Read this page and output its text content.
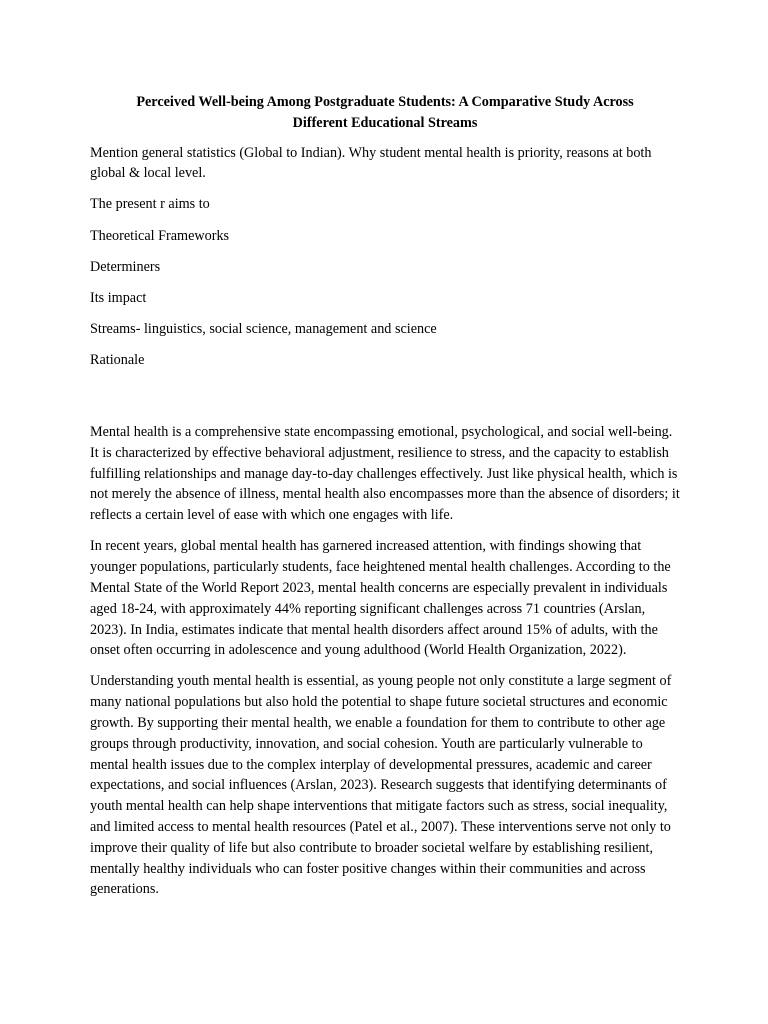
Perceived Well-being Among Postgraduate Students: A Comparative Study Across
Different Educational Streams

Mention general statistics (Global to Indian). Why student mental health is priority, reasons at both global & local level.

The present r aims to

Theoretical Frameworks

Determiners

Its impact

Streams- linguistics, social science, management and science

Rationale

Mental health is a comprehensive state encompassing emotional, psychological, and social well-being. It is characterized by effective behavioral adjustment, resilience to stress, and the capacity to establish fulfilling relationships and manage day-to-day challenges effectively. Just like physical health, which is not merely the absence of illness, mental health also encompasses more than the absence of disorders; it reflects a certain level of ease with which one engages with life.

In recent years, global mental health has garnered increased attention, with findings showing that younger populations, particularly students, face heightened mental health challenges. According to the Mental State of the World Report 2023, mental health concerns are especially prevalent in individuals aged 18-24, with approximately 44% reporting significant challenges across 71 countries (Arslan, 2023). In India, estimates indicate that mental health disorders affect around 15% of adults, with the onset often occurring in adolescence and young adulthood (World Health Organization, 2022).

Understanding youth mental health is essential, as young people not only constitute a large segment of many national populations but also hold the potential to shape future societal structures and economic growth. By supporting their mental health, we enable a foundation for them to contribute to other age groups through productivity, innovation, and social cohesion. Youth are particularly vulnerable to mental health issues due to the complex interplay of developmental pressures, academic and career expectations, and social influences (Arslan, 2023). Research suggests that identifying determinants of youth mental health can help shape interventions that mitigate factors such as stress, social inequality, and limited access to mental health resources (Patel et al., 2007). These interventions serve not only to improve their quality of life but also contribute to broader societal welfare by establishing resilient, mentally healthy individuals who can foster positive changes within their communities and across generations.
